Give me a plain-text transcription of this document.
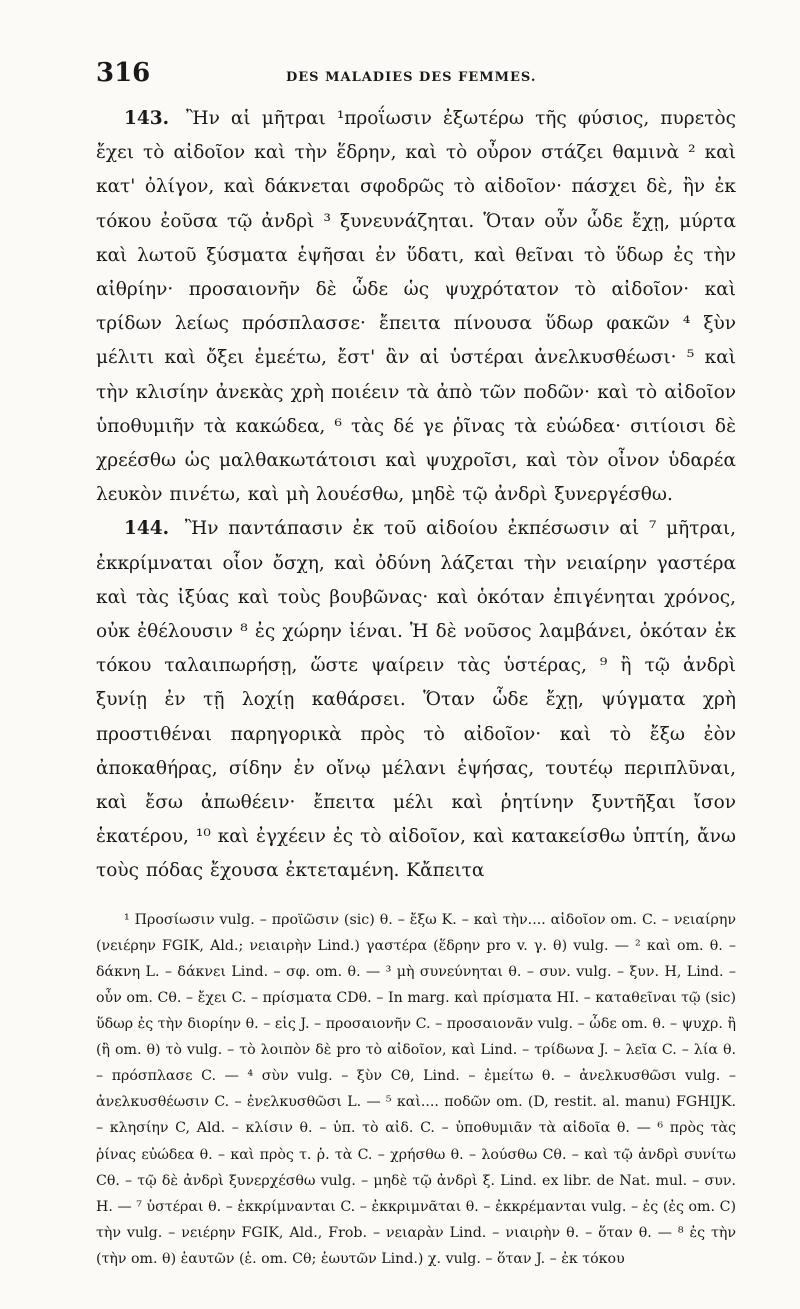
316	DES MALADIES DES FEMMES.

143. Ἢν αἱ μῆτραι ¹προΐωσιν ἐξωτέρω τῆς φύσιος, πυρετὸς ἔχει τὸ αἰδοῖον καὶ τὴν ἕδρην, καὶ τὸ οὖρον στάζει θαμινὰ ² καὶ κατ' ὀλίγον, καὶ δάκνεται σφοδρῶς τὸ αἰδοῖον· πάσχει δὲ, ἢν ἐκ τόκου ἐοῦσα τῷ ἀνδρὶ ³ ξυνευνάζηται. Ὅταν οὖν ὧδε ἔχῃ, μύρτα καὶ λωτοῦ ξύσματα ἑψῆσαι ἐν ὕδατι, καὶ θεῖναι τὸ ὕδωρ ἐς τὴν αἰθρίην· προσαιονῆν δὲ ὧδε ὡς ψυχρότατον τὸ αἰδοῖον· καὶ τρίδων λείως πρόσπλασσε· ἔπειτα πίνουσα ὕδωρ φακῶν ⁴ ξὺν μέλιτι καὶ ὄξει ἐμεέτω, ἔστ' ἂν αἱ ὑστέραι ἀνελκυσθέωσι· ⁵ καὶ τὴν κλισίην ἀνεκὰς χρὴ ποιέειν τὰ ἀπὸ τῶν ποδῶν· καὶ τὸ αἰδοῖον ὑποθυμιῆν τὰ κακώδεα, ⁶ τὰς δέ γε ῥῖνας τὰ εὐώδεα· σιτίοισι δὲ χρεέσθω ὡς μαλθακωτάτοισι καὶ ψυχροῖσι, καὶ τὸν οἶνον ὑδαρέα λευκὸν πινέτω, καὶ μὴ λουέσθω, μηδὲ τῷ ἀνδρὶ ξυνεργέσθω.

144. Ἢν παντάπασιν ἐκ τοῦ αἰδοίου ἐκπέσωσιν αἱ ⁷ μῆτραι, ἐκκρίμναται οἷον ὄσχη, καὶ ὀδύνη λάζεται τὴν νειαίρην γαστέρα καὶ τὰς ἰξύας καὶ τοὺς βουβῶνας· καὶ ὁκόταν ἐπιγένηται χρόνος, οὐκ ἐθέλουσιν ⁸ ἐς χώρην ἰέναι. Ἡ δὲ νοῦσος λαμβάνει, ὁκόταν ἐκ τόκου ταλαιπωρήσῃ, ὥστε ψαίρειν τὰς ὑστέρας, ⁹ ἢ τῷ ἀνδρὶ ξυνίῃ ἐν τῇ λοχίῃ καθάρσει. Ὅταν ὧδε ἔχῃ, ψύγματα χρὴ προστιθέναι παρηγορικὰ πρὸς τὸ αἰδοῖον· καὶ τὸ ἔξω ἐὸν ἀποκαθήρας, σίδην ἐν οἴνῳ μέλανι ἑψήσας, τουτέῳ περιπλῦναι, καὶ ἔσω ἀπωθέειν· ἔπειτα μέλι καὶ ῥητίνην ξυντῆξαι ἴσον ἑκατέρου, ¹⁰ καὶ ἐγχέειν ἐς τὸ αἰδοῖον, καὶ κατακείσθω ὑπτίη, ἄνω τοὺς πόδας ἔχουσα ἐκτεταμένη. Κἄπειτα

¹ Προσίωσιν vulg. – προϊῶσιν (sic) θ. – ἔξω K. – καὶ τὴν.... αἰδοῖον om. C. – νειαίρην (νειέρην FGIK, Ald.; νειαιρὴν Lind.) γαστέρα (ἕδρην pro v. γ. θ) vulg. — ² καὶ om. θ. – δάκνη L. – δάκνει Lind. – σφ. om. θ. — ³ μὴ συνεύνηται θ. – συν. vulg. – ξυν. H, Lind. – οὖν om. Cθ. – ἔχει C. – πρίσματα CDθ. – In marg. καὶ πρίσματα HI. – καταθεῖναι τῷ (sic) ὕδωρ ἐς τὴν διορίην θ. – εἰς J. – προσαιονῆν C. – προσαιονᾶν vulg. – ὧδε om. θ. – ψυχρ. ἢ (ἢ om. θ) τὸ vulg. – τὸ λοιπὸν δὲ pro τὸ αἰδοῖον, καὶ Lind. – τρίδωνα J. – λεῖα C. – λία θ. – πρόσπλασε C. — ⁴ σὺν vulg. – ξὺν Cθ, Lind. – ἐμείτω θ. – ἀνελκυσθῶσι vulg. – ἀνελκυσθέωσιν C. – ἐνελκυσθῶσι L. — ⁵ καὶ.... ποδῶν om. (D, restit. al. manu) FGHIJK. – κλησίην C, Ald. – κλίσιν θ. – ὑπ. τὸ αἰδ. C. – ὑποθυμιᾶν τὰ αἰδοῖα θ. — ⁶ πρὸς τὰς ῥίνας εὐώδεα θ. – καὶ πρὸς τ. ῥ. τὰ C. – χρήσθω θ. – λούσθω Cθ. – καὶ τῷ ἀνδρὶ συνίτω Cθ. – τῷ δὲ ἀνδρὶ ξυνερχέσθω vulg. – μηδὲ τῷ ἀνδρὶ ξ. Lind. ex libr. de Nat. mul. – συν. H. — ⁷ ὑστέραι θ. – ἐκκρίμνανται C. – ἐκκριμνᾶται θ. – ἐκκρέμανται vulg. – ἐς (ἐς om. C) τὴν vulg. – νειέρην FGIK, Ald., Frob. – νειαρὰν Lind. – νιαιρὴν θ. – ὅταν θ. — ⁸ ἐς τὴν (τὴν om. θ) ἑαυτῶν (ἑ. om. Cθ; ἑωυτῶν Lind.) χ. vulg. – ὅταν J. – ἐκ τόκου
